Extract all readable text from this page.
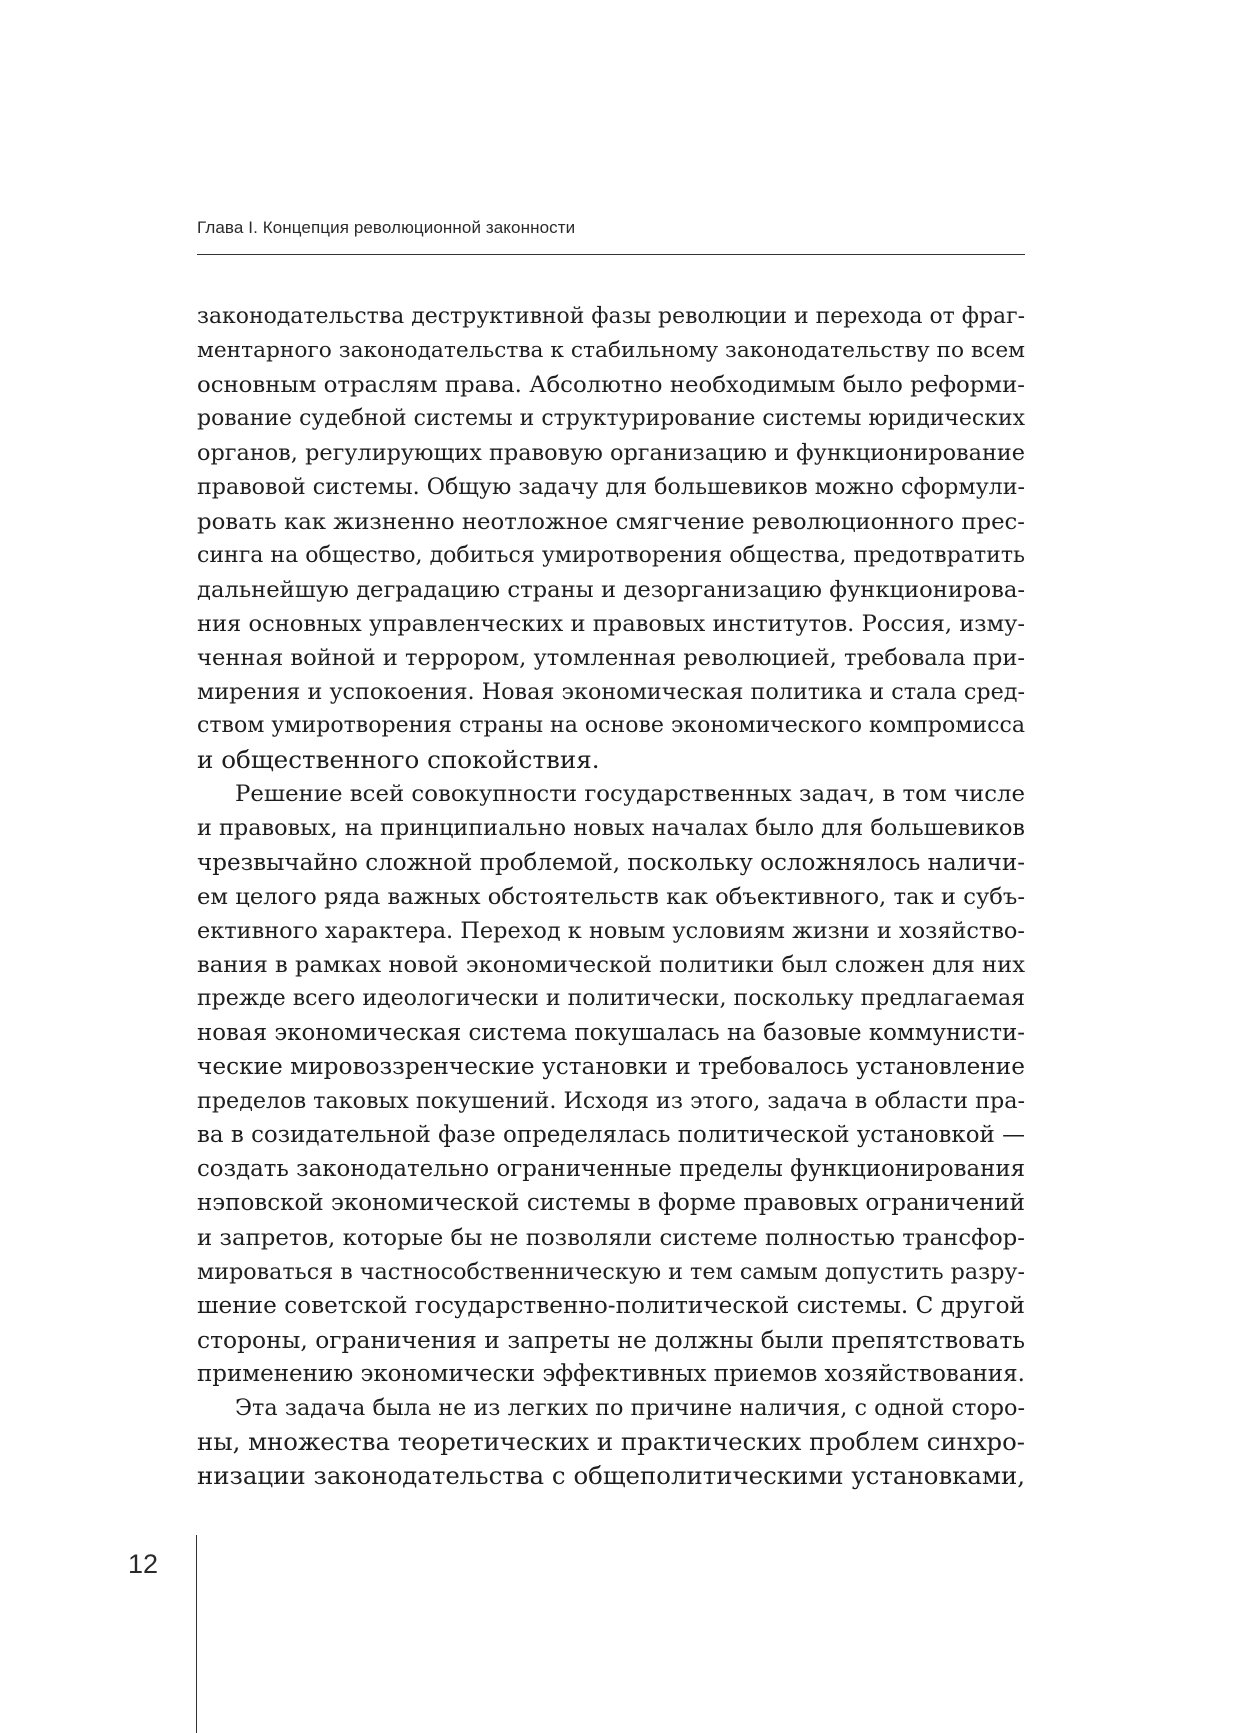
Глава I. Концепция революционной законности
законодательства деструктивной фазы революции и перехода от фраг-
ментарного законодательства к стабильному законодательству по всем
основным отраслям права. Абсолютно необходимым было реформи-
рование судебной системы и структурирование системы юридических
органов, регулирующих правовую организацию и функционирование
правовой системы. Общую задачу для большевиков можно сформули-
ровать как жизненно неотложное смягчение революционного прес-
синга на общество, добиться умиротворения общества, предотвратить
дальнейшую деградацию страны и дезорганизацию функционирова-
ния основных управленческих и правовых институтов. Россия, изму-
ченная войной и террором, утомленная революцией, требовала при-
мирения и успокоения. Новая экономическая политика и стала сред-
ством умиротворения страны на основе экономического компромисса
и общественного спокойствия.
Решение всей совокупности государственных задач, в том числе
и правовых, на принципиально новых началах было для большевиков
чрезвычайно сложной проблемой, поскольку осложнялось наличи-
ем целого ряда важных обстоятельств как объективного, так и субъ-
ективного характера. Переход к новым условиям жизни и хозяйство-
вания в рамках новой экономической политики был сложен для них
прежде всего идеологически и политически, поскольку предлагаемая
новая экономическая система покушалась на базовые коммунисти-
ческие мировоззренческие установки и требовалось установление
пределов таковых покушений. Исходя из этого, задача в области пра-
ва в созидательной фазе определялась политической установкой —
создать законодательно ограниченные пределы функционирования
нэповской экономической системы в форме правовых ограничений
и запретов, которые бы не позволяли системе полностью трансфор-
мироваться в частнособственническую и тем самым допустить разру-
шение советской государственно-политической системы. С другой
стороны, ограничения и запреты не должны были препятствовать
применению экономически эффективных приемов хозяйствования.
Эта задача была не из легких по причине наличия, с одной сторо-
ны, множества теоретических и практических проблем синхро-
низации законодательства с общеполитическими установками,
12
